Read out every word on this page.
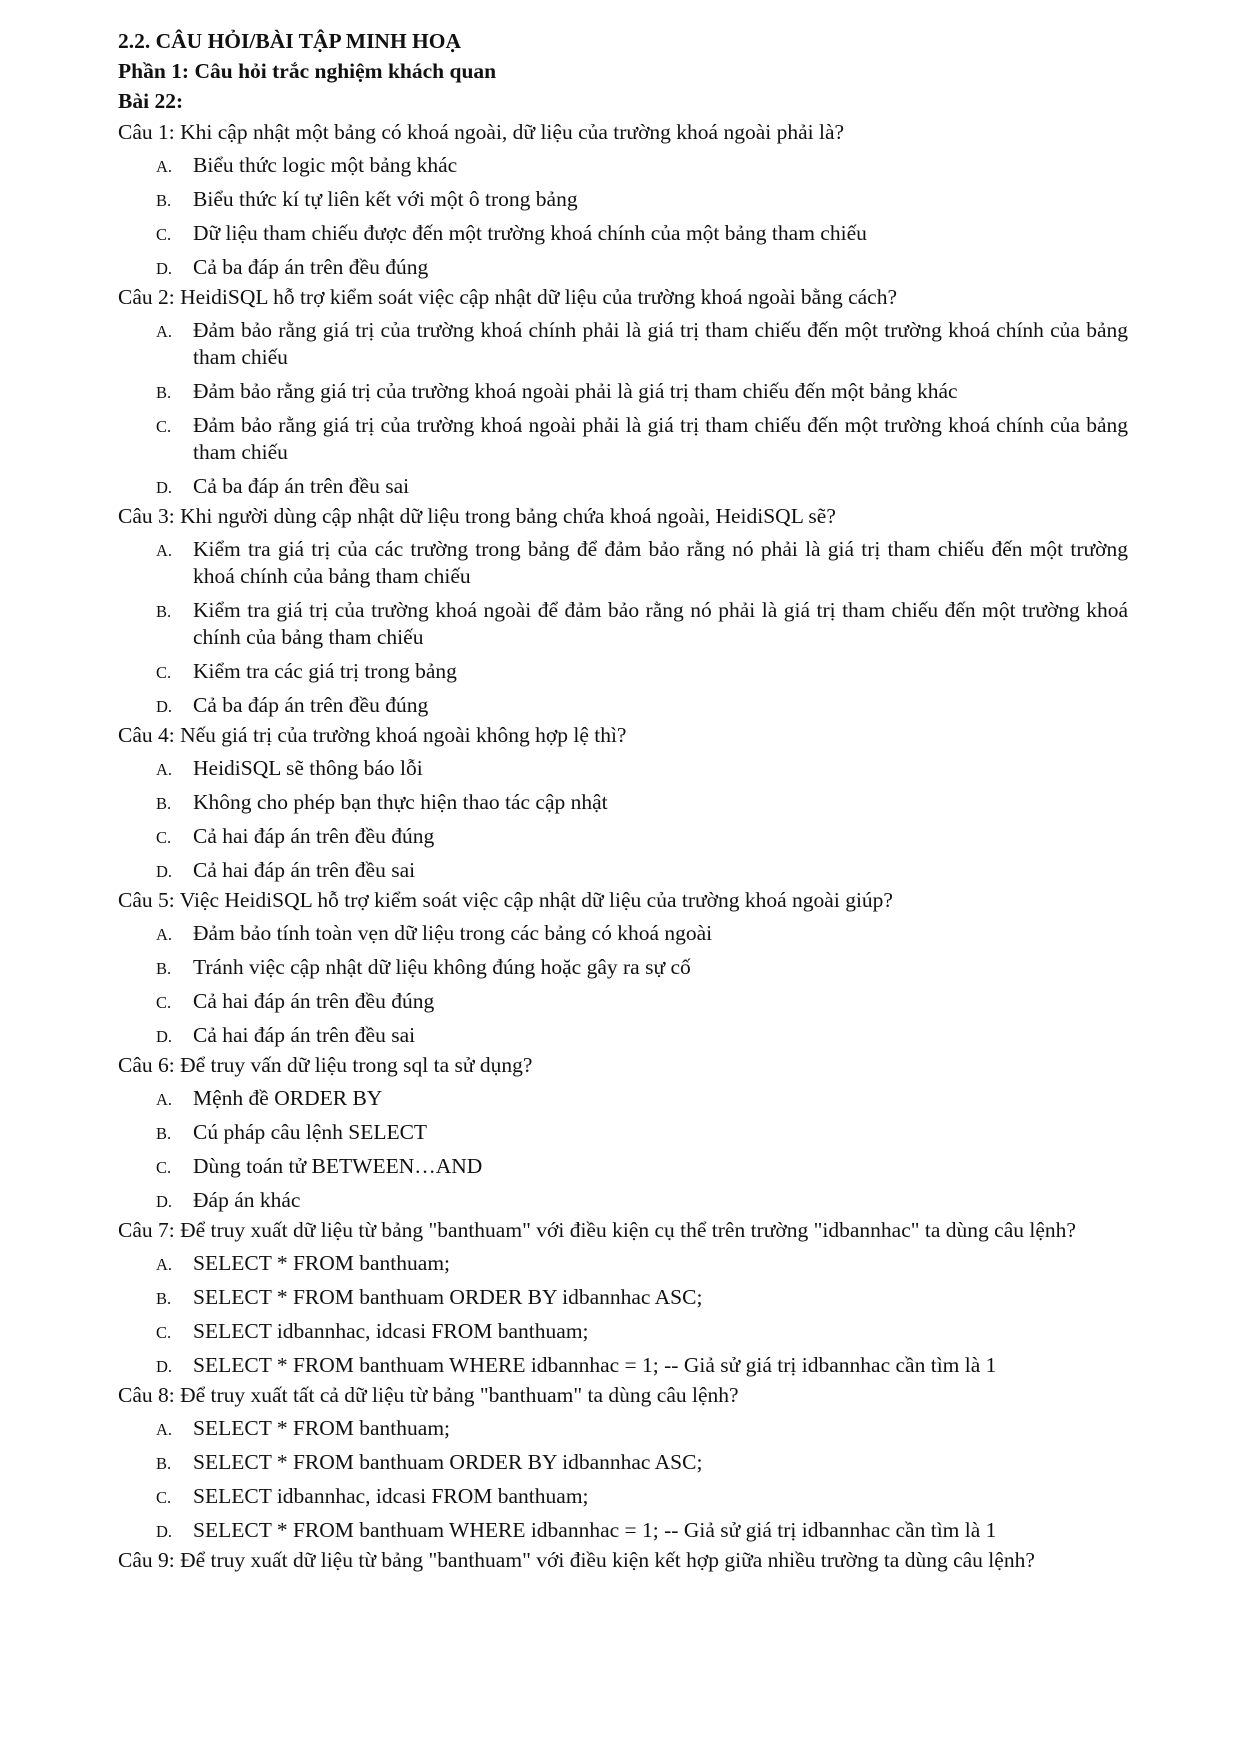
2.2. CÂU HỎI/BÀI TẬP MINH HOẠ
Phần 1: Câu hỏi trắc nghiệm khách quan
Bài 22:
Câu 1: Khi cập nhật một bảng có khoá ngoài, dữ liệu của trường khoá ngoài phải là?
A. Biểu thức logic một bảng khác
B. Biểu thức kí tự liên kết với một ô trong bảng
C. Dữ liệu tham chiếu được đến một trường khoá chính của một bảng tham chiếu
D. Cả ba đáp án trên đều đúng
Câu 2: HeidiSQL hỗ trợ kiểm soát việc cập nhật dữ liệu của trường khoá ngoài bằng cách?
A. Đảm bảo rằng giá trị của trường khoá chính phải là giá trị tham chiếu đến một trường khoá chính của bảng tham chiếu
B. Đảm bảo rằng giá trị của trường khoá ngoài phải là giá trị tham chiếu đến một bảng khác
C. Đảm bảo rằng giá trị của trường khoá ngoài phải là giá trị tham chiếu đến một trường khoá chính của bảng tham chiếu
D. Cả ba đáp án trên đều sai
Câu 3: Khi người dùng cập nhật dữ liệu trong bảng chứa khoá ngoài, HeidiSQL sẽ?
A. Kiểm tra giá trị của các trường trong bảng để đảm bảo rằng nó phải là giá trị tham chiếu đến một trường khoá chính của bảng tham chiếu
B. Kiểm tra giá trị của trường khoá ngoài để đảm bảo rằng nó phải là giá trị tham chiếu đến một trường khoá chính của bảng tham chiếu
C. Kiểm tra các giá trị trong bảng
D. Cả ba đáp án trên đều đúng
Câu 4: Nếu giá trị của trường khoá ngoài không hợp lệ thì?
A. HeidiSQL sẽ thông báo lỗi
B. Không cho phép bạn thực hiện thao tác cập nhật
C. Cả hai đáp án trên đều đúng
D. Cả hai đáp án trên đều sai
Câu 5: Việc HeidiSQL hỗ trợ kiểm soát việc cập nhật dữ liệu của trường khoá ngoài giúp?
A. Đảm bảo tính toàn vẹn dữ liệu trong các bảng có khoá ngoài
B. Tránh việc cập nhật dữ liệu không đúng hoặc gây ra sự cố
C. Cả hai đáp án trên đều đúng
D. Cả hai đáp án trên đều sai
Câu 6: Để truy vấn dữ liệu trong sql ta sử dụng?
A. Mệnh đề ORDER BY
B. Cú pháp câu lệnh SELECT
C. Dùng toán tử BETWEEN…AND
D. Đáp án khác
Câu 7: Để truy xuất dữ liệu từ bảng "banthuam" với điều kiện cụ thể trên trường "idbannhac" ta dùng câu lệnh?
A. SELECT * FROM banthuam;
B. SELECT * FROM banthuam ORDER BY idbannhac ASC;
C. SELECT idbannhac, idcasi FROM banthuam;
D. SELECT * FROM banthuam WHERE idbannhac = 1; -- Giả sử giá trị idbannhac cần tìm là 1
Câu 8: Để truy xuất tất cả dữ liệu từ bảng "banthuam" ta dùng câu lệnh?
A. SELECT * FROM banthuam;
B. SELECT * FROM banthuam ORDER BY idbannhac ASC;
C. SELECT idbannhac, idcasi FROM banthuam;
D. SELECT * FROM banthuam WHERE idbannhac = 1; -- Giả sử giá trị idbannhac cần tìm là 1
Câu 9: Để truy xuất dữ liệu từ bảng "banthuam" với điều kiện kết hợp giữa nhiều trường ta dùng câu lệnh?
